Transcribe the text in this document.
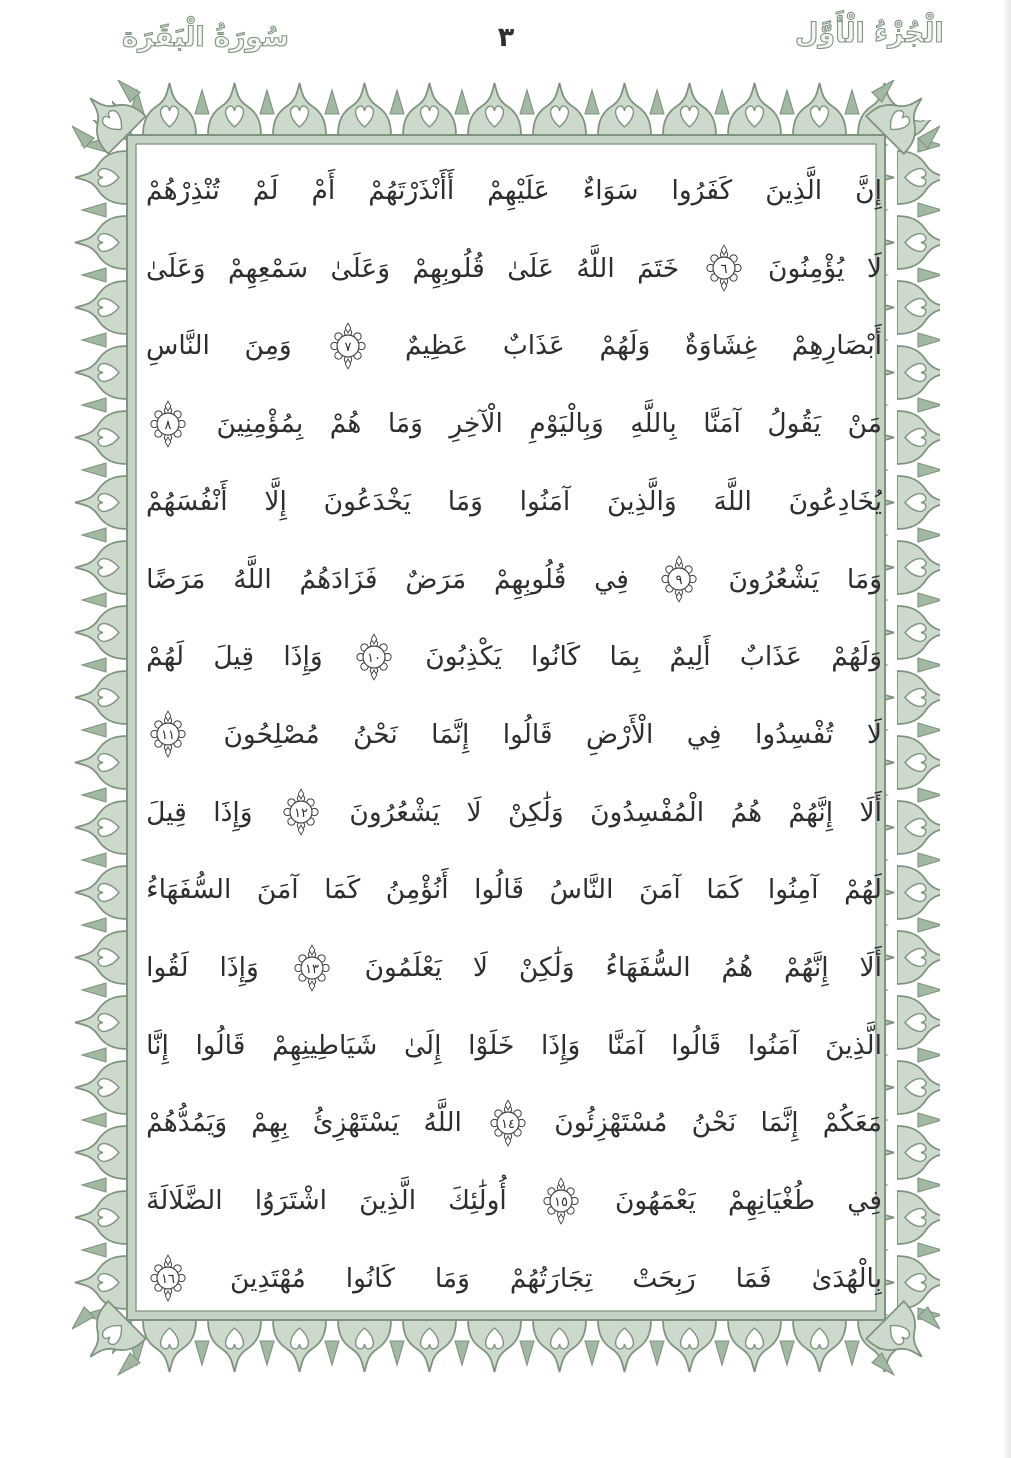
سُورَةُ الْبَقَرَة	٣	الْجُزْءُ الْأَوَّل
إِنَّ
الَّذِينَ
كَفَرُوا
سَوَاءٌ
عَلَيْهِمْ
أَأَنْذَرْتَهُمْ
أَمْ
لَمْ
تُنْذِرْهُمْ
لَا
يُؤْمِنُونَ
٦
خَتَمَ
اللَّهُ
عَلَىٰ
قُلُوبِهِمْ
وَعَلَىٰ
سَمْعِهِمْ
وَعَلَىٰ
أَبْصَارِهِمْ
غِشَاوَةٌ
وَلَهُمْ
عَذَابٌ
عَظِيمٌ
٧
وَمِنَ
النَّاسِ
مَنْ
يَقُولُ
آمَنَّا
بِاللَّهِ
وَبِالْيَوْمِ
الْآخِرِ
وَمَا
هُمْ
بِمُؤْمِنِينَ
٨
يُخَادِعُونَ
اللَّهَ
وَالَّذِينَ
آمَنُوا
وَمَا
يَخْدَعُونَ
إِلَّا
أَنْفُسَهُمْ
وَمَا
يَشْعُرُونَ
٩
فِي
قُلُوبِهِمْ
مَرَضٌ
فَزَادَهُمُ
اللَّهُ
مَرَضًا
وَلَهُمْ
عَذَابٌ
أَلِيمٌ
بِمَا
كَانُوا
يَكْذِبُونَ
١٠
وَإِذَا
قِيلَ
لَهُمْ
لَا
تُفْسِدُوا
فِي
الْأَرْضِ
قَالُوا
إِنَّمَا
نَحْنُ
مُصْلِحُونَ
١١
أَلَا
إِنَّهُمْ
هُمُ
الْمُفْسِدُونَ
وَلَٰكِنْ
لَا
يَشْعُرُونَ
١٢
وَإِذَا
قِيلَ
لَهُمْ
آمِنُوا
كَمَا
آمَنَ
النَّاسُ
قَالُوا
أَنُؤْمِنُ
كَمَا
آمَنَ
السُّفَهَاءُ
أَلَا
إِنَّهُمْ
هُمُ
السُّفَهَاءُ
وَلَٰكِنْ
لَا
يَعْلَمُونَ
١٣
وَإِذَا
لَقُوا
الَّذِينَ
آمَنُوا
قَالُوا
آمَنَّا
وَإِذَا
خَلَوْا
إِلَىٰ
شَيَاطِينِهِمْ
قَالُوا
إِنَّا
مَعَكُمْ
إِنَّمَا
نَحْنُ
مُسْتَهْزِئُونَ
١٤
اللَّهُ
يَسْتَهْزِئُ
بِهِمْ
وَيَمُدُّهُمْ
فِي
طُغْيَانِهِمْ
يَعْمَهُونَ
١٥
أُولَٰئِكَ
الَّذِينَ
اشْتَرَوُا
الضَّلَالَةَ
بِالْهُدَىٰ
فَمَا
رَبِحَتْ
تِجَارَتُهُمْ
وَمَا
كَانُوا
مُهْتَدِينَ
١٦
